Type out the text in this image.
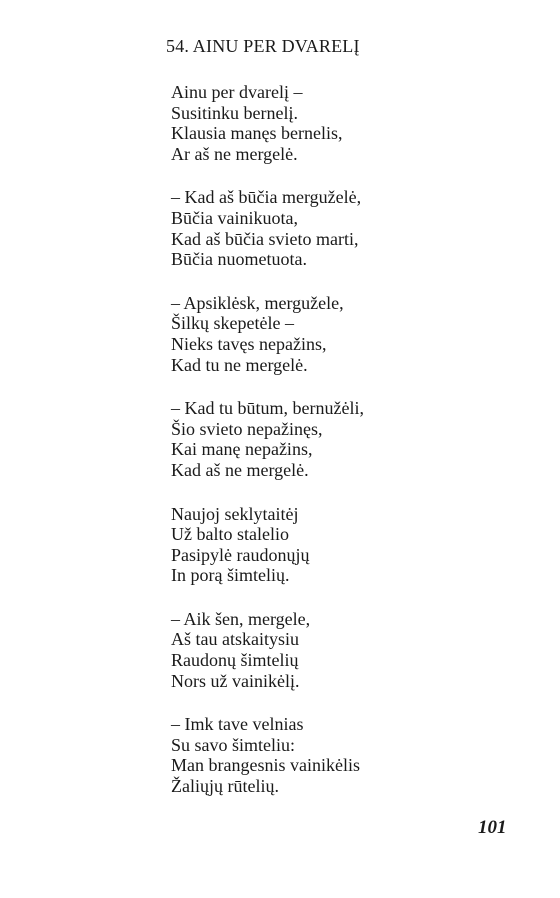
54. AINU PER DVARELĮ
Ainu per dvarelį –
Susitinku bernelį.
Klausia manęs bernelis,
Ar aš ne mergelė.
– Kad aš būčia merguželė,
Būčia vainikuota,
Kad aš būčia svieto marti,
Būčia nuometuota.
– Apsiklėsk, mergužele,
Šilkų skepetėle –
Nieks tavęs nepažins,
Kad tu ne mergelė.
– Kad tu būtum, bernužėli,
Šio svieto nepažinęs,
Kai manę nepažins,
Kad aš ne mergelė.
Naujoj seklytaitėj
Už balto stalelio
Pasipylė raudonųjų
In porą šimtelių.
– Aik šen, mergele,
Aš tau atskaitysiu
Raudonų šimtelių
Nors už vainikėlį.
– Imk tave velnias
Su savo šimteliu:
Man brangesnis vainikėlis
Žaliųjų rūtelių.
101
